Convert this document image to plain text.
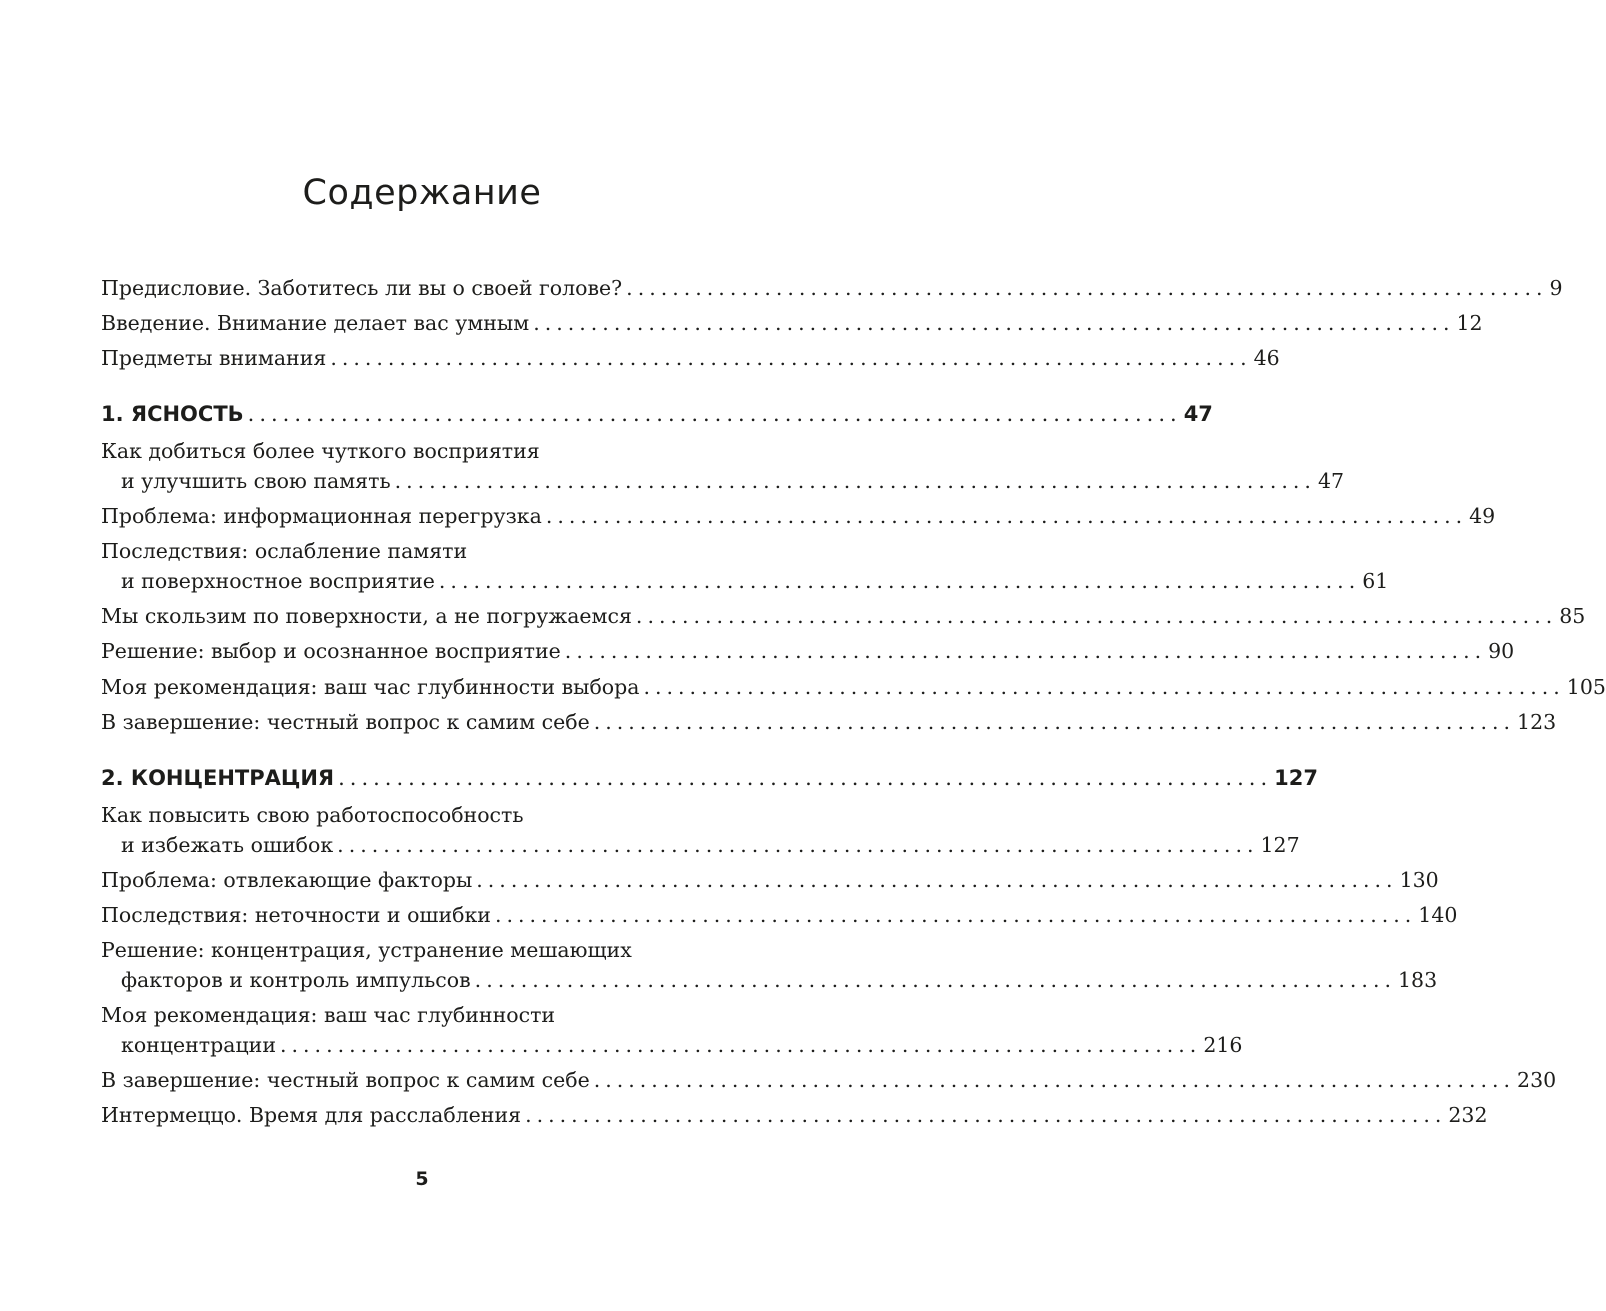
Содержание
Предисловие. Заботитесь ли вы о своей голове? ................................................................................ 9
Введение. Внимание делает вас умным ................................................................................ 12
Предметы внимания ................................................................................ 46
1. ЯСНОСТЬ ................................................................................ 47
Как добиться более чуткого восприятия
и улучшить свою память ................................................................................ 47
Проблема: информационная перегрузка ................................................................................ 49
Последствия: ослабление памяти
и поверхностное восприятие ................................................................................ 61
Мы скользим по поверхности, а не погружаемся ................................................................................ 85
Решение: выбор и осознанное восприятие ................................................................................ 90
Моя рекомендация: ваш час глубинности выбора ................................................................................ 105
В завершение: честный вопрос к самим себе ................................................................................ 123
2. КОНЦЕНТРАЦИЯ ................................................................................ 127
Как повысить свою работоспособность
и избежать ошибок ................................................................................ 127
Проблема: отвлекающие факторы ................................................................................ 130
Последствия: неточности и ошибки ................................................................................ 140
Решение: концентрация, устранение мешающих
факторов и контроль импульсов ................................................................................ 183
Моя рекомендация: ваш час глубинности
концентрации ................................................................................ 216
В завершение: честный вопрос к самим себе ................................................................................ 230
Интермеццо. Время для расслабления ................................................................................ 232
5
